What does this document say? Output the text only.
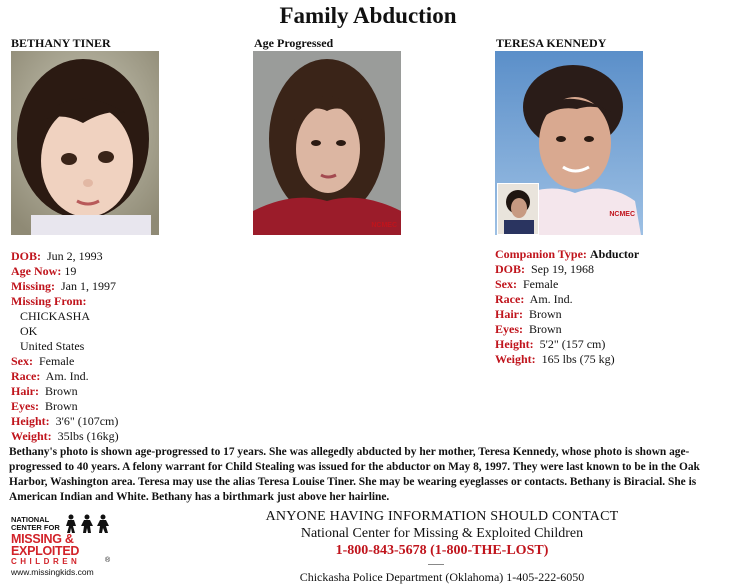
Family Abduction
BETHANY TINER	Age Progressed	TERESA KENNEDY
NCMEC
NCMEC
DOB: Jun 2, 1993
Age Now: 19
Missing: Jan 1, 1997
Missing From:
CHICKASHA
OK
United States
Sex: Female
Race: Am. Ind.
Hair: Brown
Eyes: Brown
Height: 3'6" (107cm)
Weight: 35lbs (16kg)
Companion Type: Abductor
DOB: Sep 19, 1968
Sex: Female
Race: Am. Ind.
Hair: Brown
Eyes: Brown
Height: 5'2" (157 cm)
Weight: 165 lbs (75 kg)
Bethany's photo is shown age-progressed to 17 years. She was allegedly abducted by her mother, Teresa Kennedy, whose photo is shown age-progressed to 40 years. A felony warrant for Child Stealing was issued for the abductor on May 8, 1997. They were last known to be in the Oak Harbor, Washington area. Teresa may use the alias Teresa Louise Tiner. She may be wearing eyeglasses or contacts. Bethany is Biracial. She is American Indian and White. Bethany has a birthmark just above her hairline.
NATIONAL
CENTER FOR
MISSING &
EXPLOITED
CHILDREN	®
www.missingkids.com
ANYONE HAVING INFORMATION SHOULD CONTACT
National Center for Missing & Exploited Children
1-800-843-5678 (1-800-THE-LOST)
Chickasha Police Department (Oklahoma) 1-405-222-6050
